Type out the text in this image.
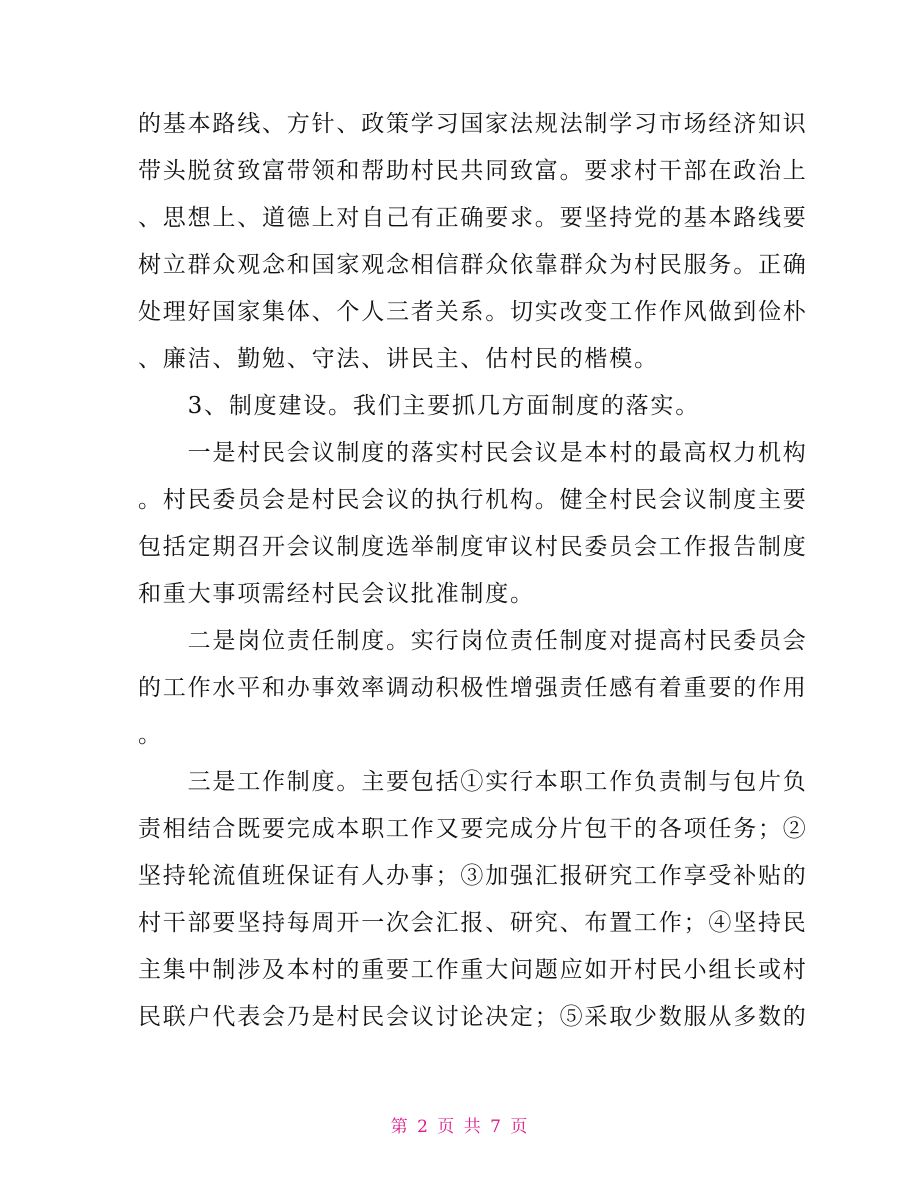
的基本路线、方针、政策学习国家法规法制学习市场经济知识
带头脱贫致富带领和帮助村民共同致富。要求村干部在政治上
、思想上、道德上对自己有正确要求。要坚持党的基本路线要
树立群众观念和国家观念相信群众依靠群众为村民服务。正确
处理好国家集体、个人三者关系。切实改变工作作风做到俭朴
、廉洁、勤勉、守法、讲民主、估村民的楷模。
　　3、制度建设。我们主要抓几方面制度的落实。
　　一是村民会议制度的落实村民会议是本村的最高权力机构
。村民委员会是村民会议的执行机构。健全村民会议制度主要
包括定期召开会议制度选举制度审议村民委员会工作报告制度
和重大事项需经村民会议批准制度。
　　二是岗位责任制度。实行岗位责任制度对提高村民委员会
的工作水平和办事效率调动积极性增强责任感有着重要的作用
。
　　三是工作制度。主要包括①实行本职工作负责制与包片负
责相结合既要完成本职工作又要完成分片包干的各项任务；②
坚持轮流值班保证有人办事；③加强汇报研究工作享受补贴的
村干部要坚持每周开一次会汇报、研究、布置工作；④坚持民
主集中制涉及本村的重要工作重大问题应如开村民小组长或村
民联户代表会乃是村民会议讨论决定；⑤采取少数服从多数的
第 2 页 共 7 页
